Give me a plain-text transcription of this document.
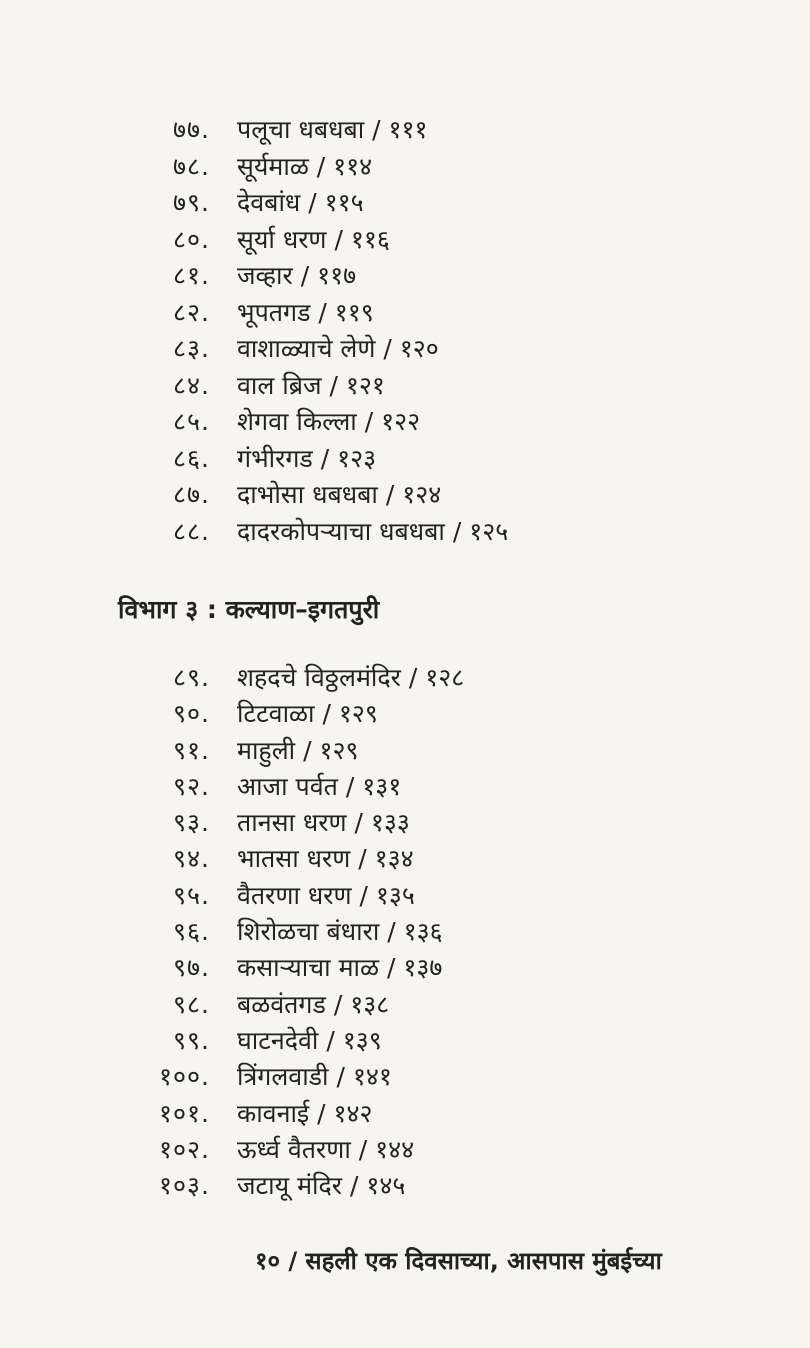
७७. पलूचा धबधबा / १११
७८. सूर्यमाळ / ११४
७९. देवबांध / ११५
८०. सूर्या धरण / ११६
८१. जव्हार / ११७
८२. भूपतगड / ११९
८३. वाशाळ्याचे लेणे / १२०
८४. वाल ब्रिज / १२१
८५. शेगवा किल्ला / १२२
८६. गंभीरगड / १२३
८७. दाभोसा धबधबा / १२४
८८. दादरकोपऱ्याचा धबधबा / १२५
विभाग ३ : कल्याण–इगतपुरी
८९. शहदचे विठ्ठलमंदिर / १२८
९०. टिटवाळा / १२९
९१. माहुली / १२९
९२. आजा पर्वत / १३१
९३. तानसा धरण / १३३
९४. भातसा धरण / १३४
९५. वैतरणा धरण / १३५
९६. शिरोळचा बंधारा / १३६
९७. कसाऱ्याचा माळ / १३७
९८. बळवंतगड / १३८
९९. घाटनदेवी / १३९
१००. त्रिंगलवाडी / १४१
१०१. कावनाई / १४२
१०२. ऊर्ध्व वैतरणा / १४४
१०३. जटायू मंदिर / १४५
१० / सहली एक दिवसाच्या, आसपास मुंबईच्या
